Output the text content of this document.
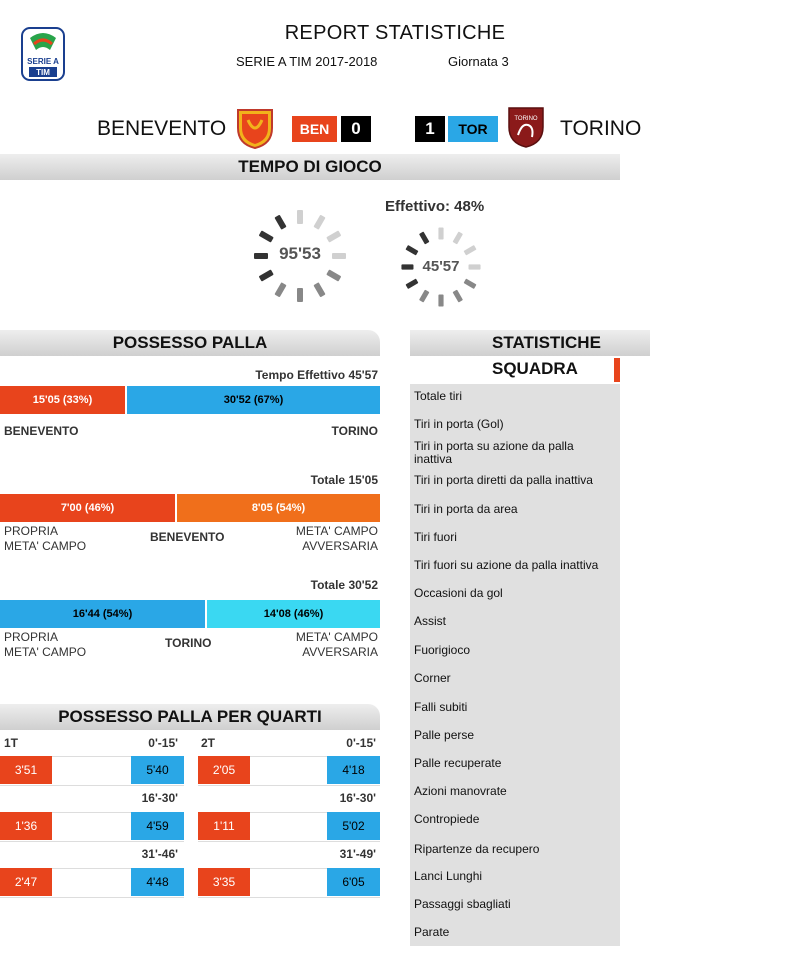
SERIE A
TIM
REPORT STATISTICHE
SERIE A TIM 2017-2018	Giornata 3
BENEVENTO	BEN	0	1	TOR
TORINO TORINO
TEMPO DI GIOCO
95'53
Effettivo: 48%
45'57
POSSESSO PALLA
Tempo Effettivo 45'57
15'05 (33%)	30'52 (67%)
BENEVENTO	TORINO
Totale 15'05
7'00 (46%)	8'05 (54%)
PROPRIA
META' CAMPO
BENEVENTO	META' CAMPO
AVVERSARIA
Totale 30'52
16'44 (54%)	14'08 (46%)
PROPRIA
META' CAMPO
TORINO	META' CAMPO
AVVERSARIA
POSSESSO PALLA PER QUARTI
1T	2T
0'-15'
3'51	5'40
16'-30'
1'36	4'59
31'-46'
2'47	4'48
0'-15'
2'05	4'18
16'-30'
1'11	5'02
31'-49'
3'35	6'05
STATISTICHE SQUADRA
Totale tiri
Tiri in porta (Gol)
Tiri in porta su azione da palla inattiva
Tiri in porta diretti da palla inattiva
Tiri in porta da area
Tiri fuori
Tiri fuori su azione da palla inattiva
Occasioni da gol
Assist
Fuorigioco
Corner
Falli subiti
Palle perse
Palle recuperate
Azioni manovrate
Contropiede
Ripartenze da recupero
Lanci Lunghi
Passaggi sbagliati
Parate
